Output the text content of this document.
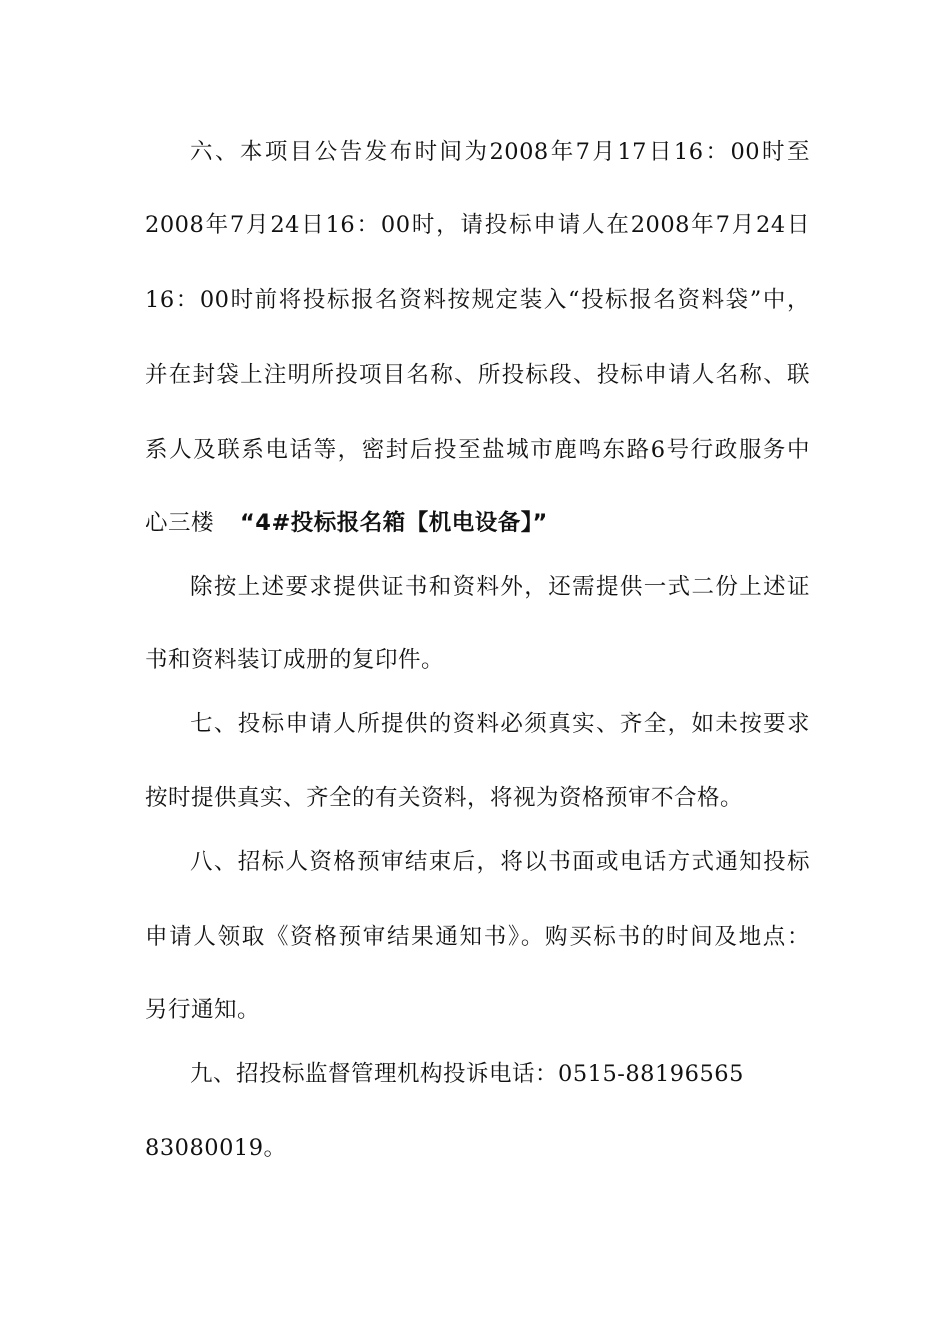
六、本项目公告发布时间为2008年7月17日16：00时至
2008年7月24日16：00时，请投标申请人在2008年7月24日
16：00时前将投标报名资料按规定装入“投标报名资料袋”中，
并在封袋上注明所投项目名称、所投标段、投标申请人名称、联
系人及联系电话等，密封后投至盐城市鹿鸣东路6号行政服务中
心三楼 “4#投标报名箱【机电设备】”
除按上述要求提供证书和资料外，还需提供一式二份上述证
书和资料装订成册的复印件。
七、投标申请人所提供的资料必须真实、齐全，如未按要求
按时提供真实、齐全的有关资料，将视为资格预审不合格。
八、招标人资格预审结束后，将以书面或电话方式通知投标
申请人领取《资格预审结果通知书》。购买标书的时间及地点：
另行通知。
九、招投标监督管理机构投诉电话：0515-88196565
83080019。
